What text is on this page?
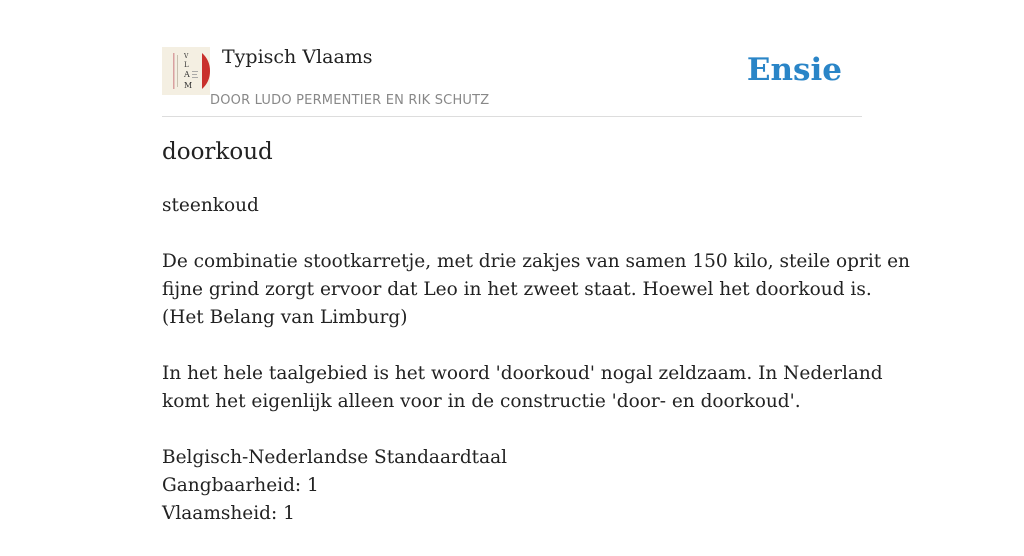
V
L
A
M
Typisch Vlaams
DOOR LUDO PERMENTIER EN RIK SCHUTZ
Ensie
doorkoud

steenkoud

De combinatie stootkarretje, met drie zakjes van samen 150 kilo, steile oprit en
fijne grind zorgt ervoor dat Leo in het zweet staat. Hoewel het doorkoud is.
(Het Belang van Limburg)

In het hele taalgebied is het woord 'doorkoud' nogal zeldzaam. In Nederland
komt het eigenlijk alleen voor in de constructie 'door- en doorkoud'.

Belgisch-Nederlandse Standaardtaal
Gangbaarheid: 1
Vlaamsheid: 1
